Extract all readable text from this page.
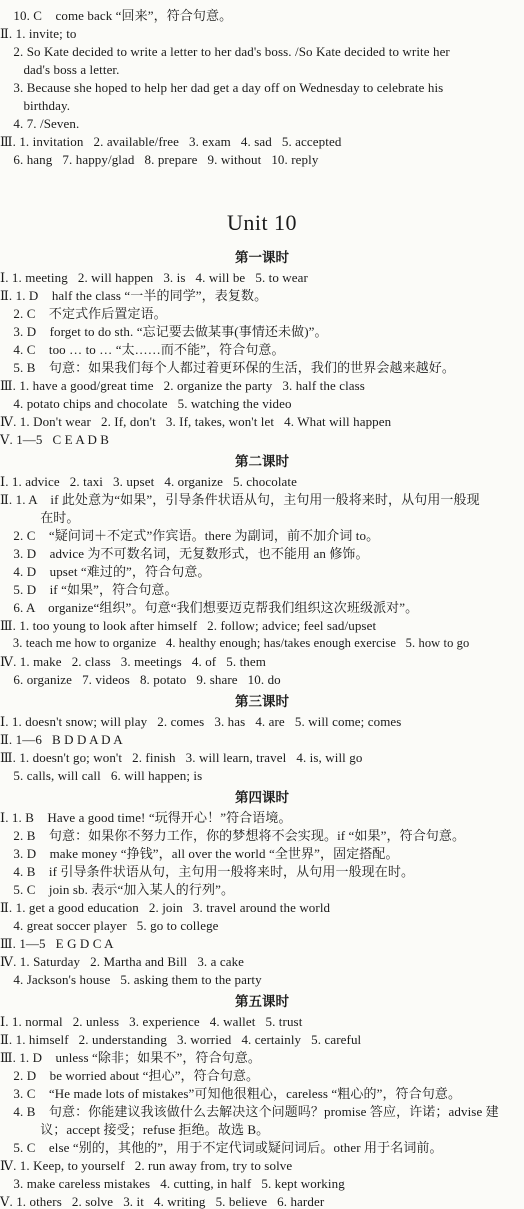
10. C    come back “回来”，符合句意。
Ⅱ. 1. invite; to
2. So Kate decided to write a letter to her dad's boss. /So Kate decided to write her
dad's boss a letter.
3. Because she hoped to help her dad get a day off on Wednesday to celebrate his
birthday.
4. 7. /Seven.
Ⅲ. 1. invitation   2. available/free   3. exam   4. sad   5. accepted
6. hang   7. happy/glad   8. prepare   9. without   10. reply
Unit 10
第一课时
Ⅰ. 1. meeting   2. will happen   3. is   4. will be   5. to wear
Ⅱ. 1. D    half the class “一半的同学”，表复数。
2. C    不定式作后置定语。
3. D    forget to do sth. “忘记要去做某事(事情还未做)”。
4. C    too … to … “太……而不能”，符合句意。
5. B    句意：如果我们每个人都过着更环保的生活，我们的世界会越来越好。
Ⅲ. 1. have a good/great time   2. organize the party   3. half the class
4. potato chips and chocolate   5. watching the video
Ⅳ. 1. Don't wear   2. If, don't   3. If, takes, won't let   4. What will happen
Ⅴ. 1—5   C E A D B
第二课时
Ⅰ. 1. advice   2. taxi   3. upset   4. organize   5. chocolate
Ⅱ. 1. A    if 此处意为“如果”，引导条件状语从句，主句用一般将来时，从句用一般现
在时。
2. C    “疑问词＋不定式”作宾语。there 为副词，前不加介词 to。
3. D    advice 为不可数名词，无复数形式，也不能用 an 修饰。
4. D    upset “难过的”，符合句意。
5. D    if “如果”，符合句意。
6. A    organize“组织”。句意“我们想要迈克帮我们组织这次班级派对”。
Ⅲ. 1. too young to look after himself   2. follow; advice; feel sad/upset
3. teach me how to organize   4. healthy enough; has/takes enough exercise   5. how to go
Ⅳ. 1. make   2. class   3. meetings   4. of   5. them
6. organize   7. videos   8. potato   9. share   10. do
第三课时
Ⅰ. 1. doesn't snow; will play   2. comes   3. has   4. are   5. will come; comes
Ⅱ. 1—6   B D D A D A
Ⅲ. 1. doesn't go; won't   2. finish   3. will learn, travel   4. is, will go
5. calls, will call   6. will happen; is
第四课时
Ⅰ. 1. B    Have a good time! “玩得开心！”符合语境。
2. B    句意：如果你不努力工作，你的梦想将不会实现。if “如果”，符合句意。
3. D    make money “挣钱”，all over the world “全世界”，固定搭配。
4. B    if 引导条件状语从句，主句用一般将来时，从句用一般现在时。
5. C    join sb. 表示“加入某人的行列”。
Ⅱ. 1. get a good education   2. join   3. travel around the world
4. great soccer player   5. go to college
Ⅲ. 1—5   E G D C A
Ⅳ. 1. Saturday   2. Martha and Bill   3. a cake
4. Jackson's house   5. asking them to the party
第五课时
Ⅰ. 1. normal   2. unless   3. experience   4. wallet   5. trust
Ⅱ. 1. himself   2. understanding   3. worried   4. certainly   5. careful
Ⅲ. 1. D    unless “除非；如果不”，符合句意。
2. D    be worried about “担心”，符合句意。
3. C    “He made lots of mistakes”可知他很粗心，careless “粗心的”，符合句意。
4. B    句意：你能建议我该做什么去解决这个问题吗？promise 答应，许诺；advise 建
议；accept 接受；refuse 拒绝。故选 B。
5. C    else “别的，其他的”，用于不定代词或疑问词后。other 用于名词前。
Ⅳ. 1. Keep, to yourself   2. run away from, try to solve
3. make careless mistakes   4. cutting, in half   5. kept working
Ⅴ. 1. others   2. solve   3. it   4. writing   5. believe   6. harder
